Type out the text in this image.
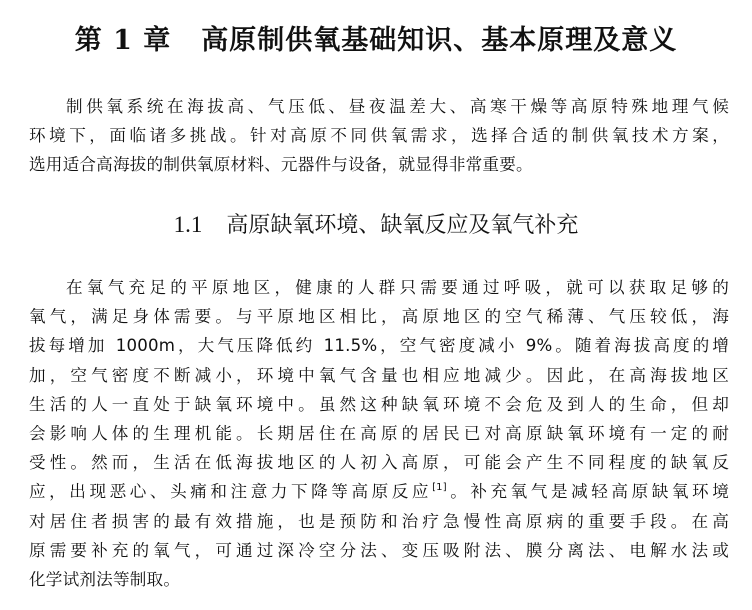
第 1 章 高原制供氧基础知识、基本原理及意义

制供氧系统在海拔高、气压低、昼夜温差大、高寒干燥等高原特殊地理气候
环境下，面临诸多挑战。针对高原不同供氧需求，选择合适的制供氧技术方案，
选用适合高海拔的制供氧原材料、元器件与设备，就显得非常重要。

1.1 高原缺氧环境、缺氧反应及氧气补充

在氧气充足的平原地区，健康的人群只需要通过呼吸，就可以获取足够的
氧气，满足身体需要。与平原地区相比，高原地区的空气稀薄、气压较低，海
拔每增加 1000m，大气压降低约 11.5%，空气密度减小 9%。随着海拔高度的增
加，空气密度不断减小，环境中氧气含量也相应地减少。因此，在高海拔地区
生活的人一直处于缺氧环境中。虽然这种缺氧环境不会危及到人的生命，但却
会影响人体的生理机能。长期居住在高原的居民已对高原缺氧环境有一定的耐
受性。然而，生活在低海拔地区的人初入高原，可能会产生不同程度的缺氧反
应，出现恶心、头痛和注意力下降等高原反应[1]。补充氧气是减轻高原缺氧环境
对居住者损害的最有效措施，也是预防和治疗急慢性高原病的重要手段。在高
原需要补充的氧气，可通过深冷空分法、变压吸附法、膜分离法、电解水法或
化学试剂法等制取。
